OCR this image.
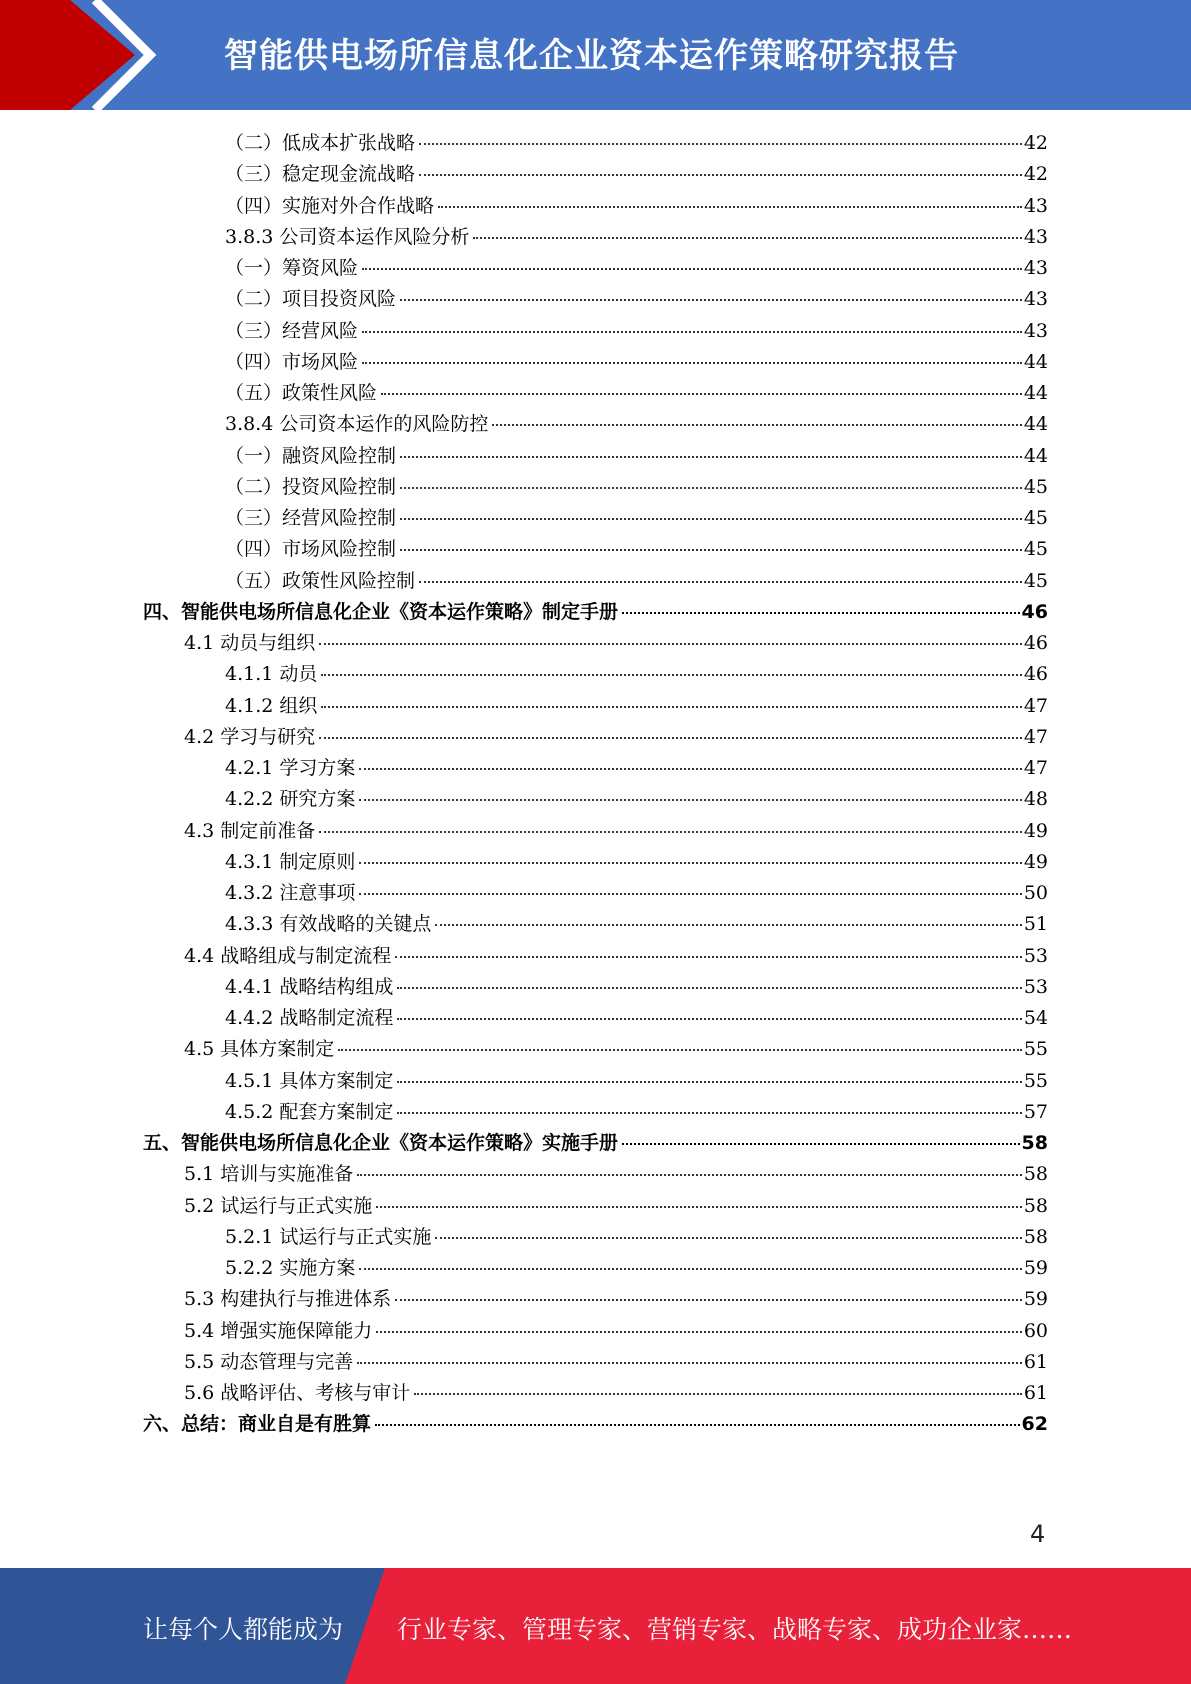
智能供电场所信息化企业资本运作策略研究报告
（二）低成本扩张战略	42
（三）稳定现金流战略	42
（四）实施对外合作战略	43
3.8.3 公司资本运作风险分析	43
（一）筹资风险	43
（二）项目投资风险	43
（三）经营风险	43
（四）市场风险	44
（五）政策性风险	44
3.8.4 公司资本运作的风险防控	44
（一）融资风险控制	44
（二）投资风险控制	45
（三）经营风险控制	45
（四）市场风险控制	45
（五）政策性风险控制	45
四、智能供电场所信息化企业《资本运作策略》制定手册	46
4.1 动员与组织	46
4.1.1 动员	46
4.1.2 组织	47
4.2 学习与研究	47
4.2.1 学习方案	47
4.2.2 研究方案	48
4.3 制定前准备	49
4.3.1 制定原则	49
4.3.2 注意事项	50
4.3.3 有效战略的关键点	51
4.4 战略组成与制定流程	53
4.4.1 战略结构组成	53
4.4.2 战略制定流程	54
4.5 具体方案制定	55
4.5.1 具体方案制定	55
4.5.2 配套方案制定	57
五、智能供电场所信息化企业《资本运作策略》实施手册	58
5.1 培训与实施准备	58
5.2 试运行与正式实施	58
5.2.1 试运行与正式实施	58
5.2.2 实施方案	59
5.3 构建执行与推进体系	59
5.4 增强实施保障能力	60
5.5 动态管理与完善	61
5.6 战略评估、考核与审计	61
六、总结：商业自是有胜算	62
4
让每个人都能成为 行业专家、管理专家、营销专家、战略专家、成功企业家……
